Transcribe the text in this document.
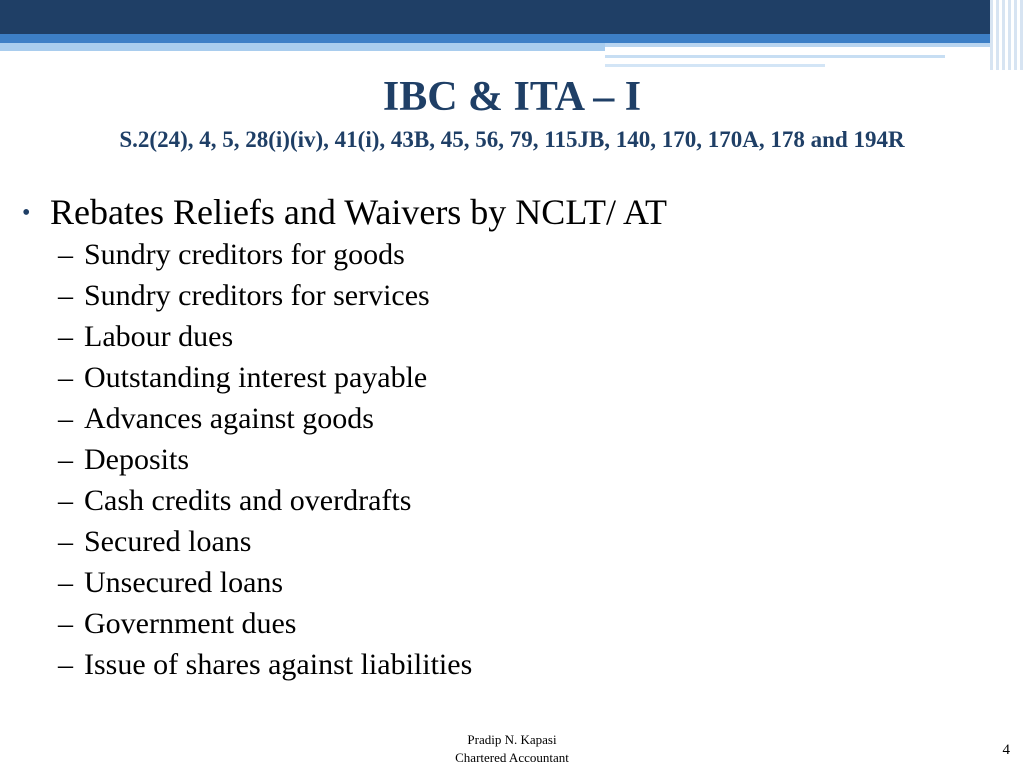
IBC & ITA – I
S.2(24), 4, 5, 28(i)(iv), 41(i), 43B, 45, 56, 79, 115JB, 140, 170, 170A, 178 and 194R
• Rebates Reliefs and Waivers by NCLT/ AT
– Sundry creditors for goods
– Sundry creditors for services
– Labour dues
– Outstanding interest payable
– Advances against goods
– Deposits
– Cash credits and overdrafts
– Secured loans
– Unsecured loans
– Government dues
– Issue of shares against liabilities
Pradip N. Kapasi
Chartered Accountant	4
